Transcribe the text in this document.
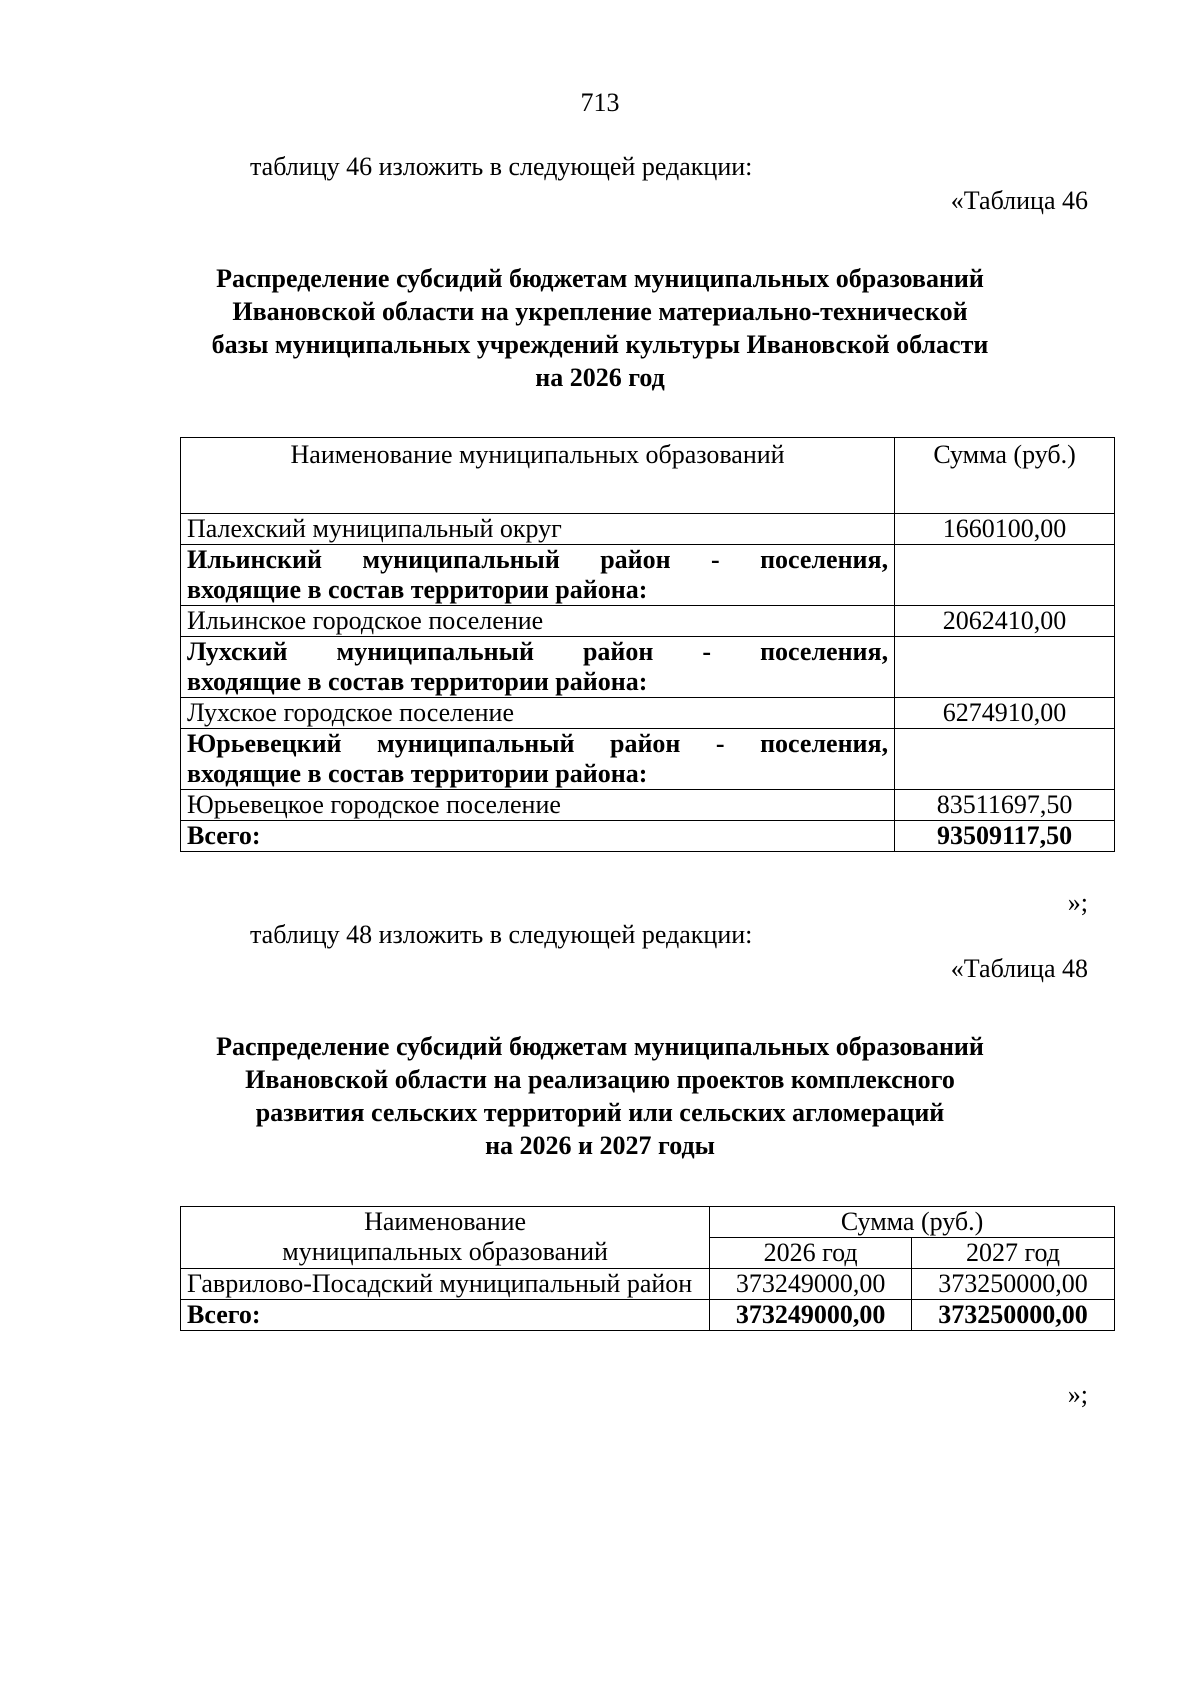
713
таблицу 46 изложить в следующей редакции:
«Таблица 46
Распределение субсидий бюджетам муниципальных образований
Ивановской области на укрепление материально-технической
базы муниципальных учреждений культуры Ивановской области
на 2026 год
Наименование муниципальных образований	Сумма (руб.)
Палехский муниципальный округ	1660100,00

Ильинский муниципальный район - поселения,
входящие в состав территории района:	

Ильинское городское поселение	2062410,00

Лухский муниципальный район - поселения,
входящие в состав территории района:	

Лухское городское поселение	6274910,00

Юрьевецкий муниципальный район - поселения,
входящие в состав территории района:	

Юрьевецкое городское поселение	83511697,50
Всего:	93509117,50
»;
таблицу 48 изложить в следующей редакции:
«Таблица 48
Распределение субсидий бюджетам муниципальных образований
Ивановской области на реализацию проектов комплексного
развития сельских территорий или сельских агломераций
на 2026 и 2027 годы
Наименование
муниципальных образований	Сумма (руб.)	
	2026 год	2027 год
Гаврилово-Посадский муниципальный район	373249000,00	373250000,00
Всего:	373249000,00	373250000,00
»;
